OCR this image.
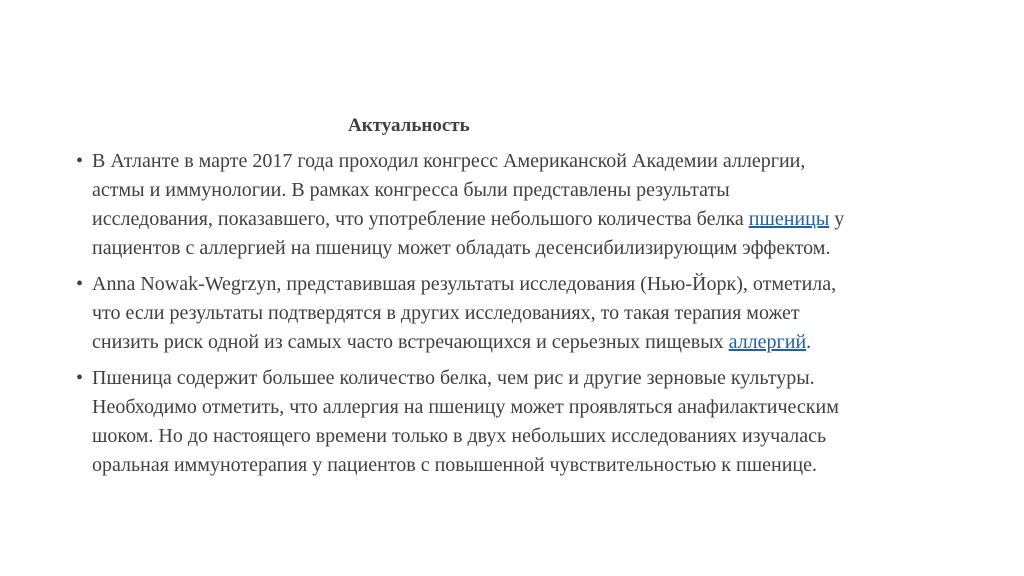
Актуальность
• В Атланте в марте 2017 года проходил конгресс Американской Академии аллергии,
астмы и иммунологии. В рамках конгресса были представлены результаты
исследования, показавшего, что употребление небольшого количества белка пшеницы у
пациентов с аллергией на пшеницу может обладать десенсибилизирующим эффектом.
• Anna Nowak-Wegrzyn, представившая результаты исследования (Нью-Йорк), отметила,
что если результаты подтвердятся в других исследованиях, то такая терапия может
снизить риск одной из самых часто встречающихся и серьезных пищевых аллергий.
• Пшеница содержит большее количество белка, чем рис и другие зерновые культуры.
Необходимо отметить, что аллергия на пшеницу может проявляться анафилактическим
шоком. Но до настоящего времени только в двух небольших исследованиях изучалась
оральная иммунотерапия у пациентов с повышенной чувствительностью к пшенице.
